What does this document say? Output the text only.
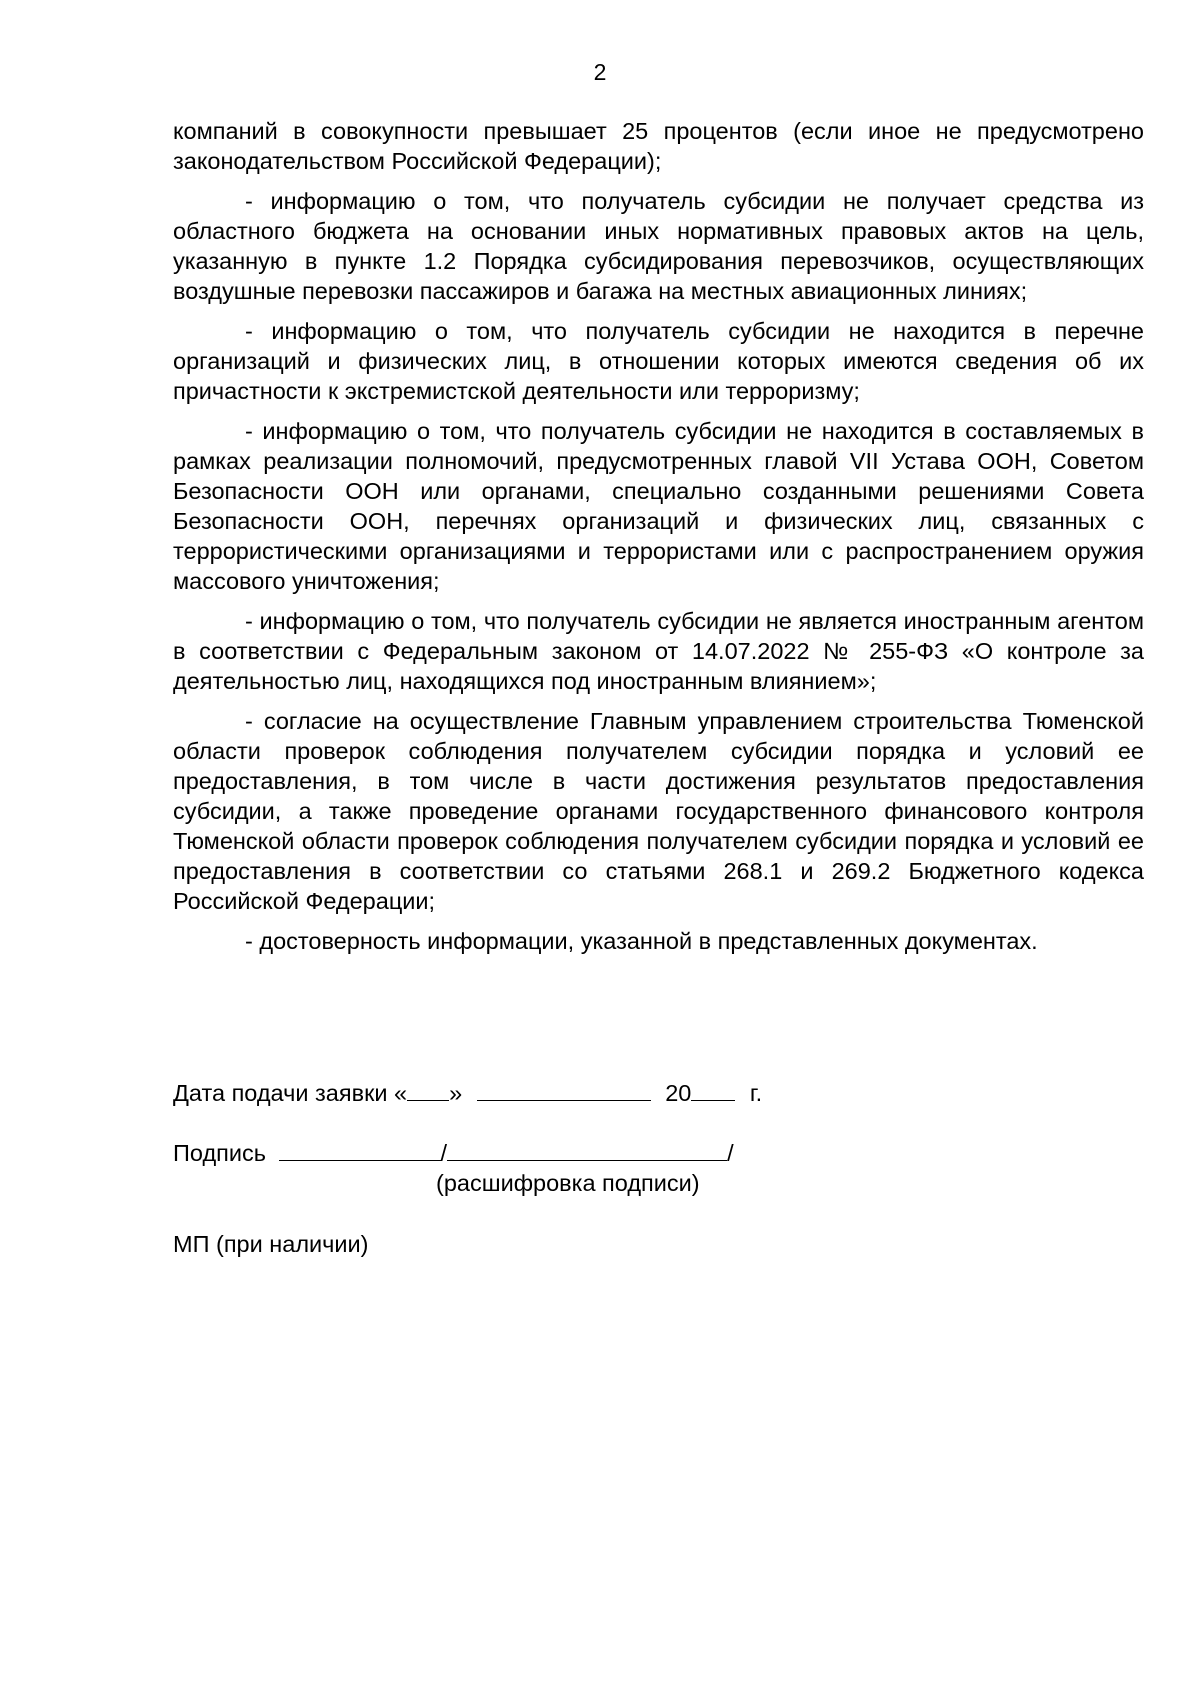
2

компаний в совокупности превышает 25 процентов (если иное не предусмотрено законодательством Российской Федерации);

- информацию о том, что получатель субсидии не получает средства из областного бюджета на основании иных нормативных правовых актов на цель, указанную в пункте 1.2 Порядка субсидирования перевозчиков, осуществляющих воздушные перевозки пассажиров и багажа на местных авиационных линиях;

- информацию о том, что получатель субсидии не находится в перечне организаций и физических лиц, в отношении которых имеются сведения об их причастности к экстремистской деятельности или терроризму;

- информацию о том, что получатель субсидии не находится в составляемых в рамках реализации полномочий, предусмотренных главой VII Устава ООН, Советом Безопасности ООН или органами, специально созданными решениями Совета Безопасности ООН, перечнях организаций и физических лиц, связанных с террористическими организациями и террористами или с распространением оружия массового уничтожения;

- информацию о том, что получатель субсидии не является иностранным агентом в соответствии с Федеральным законом от 14.07.2022 № 255-ФЗ «О контроле за деятельностью лиц, находящихся под иностранным влиянием»;

- согласие на осуществление Главным управлением строительства Тюменской области проверок соблюдения получателем субсидии порядка и условий ее предоставления, в том числе в части достижения результатов предоставления субсидии, а также проведение органами государственного финансового контроля Тюменской области проверок соблюдения получателем субсидии порядка и условий ее предоставления в соответствии со статьями 268.1 и 269.2 Бюджетного кодекса Российской Федерации;

- достоверность информации, указанной в представленных документах.

Дата подачи заявки « »	20 г.
Подпись	/	/
(расшифровка подписи)
МП (при наличии)
